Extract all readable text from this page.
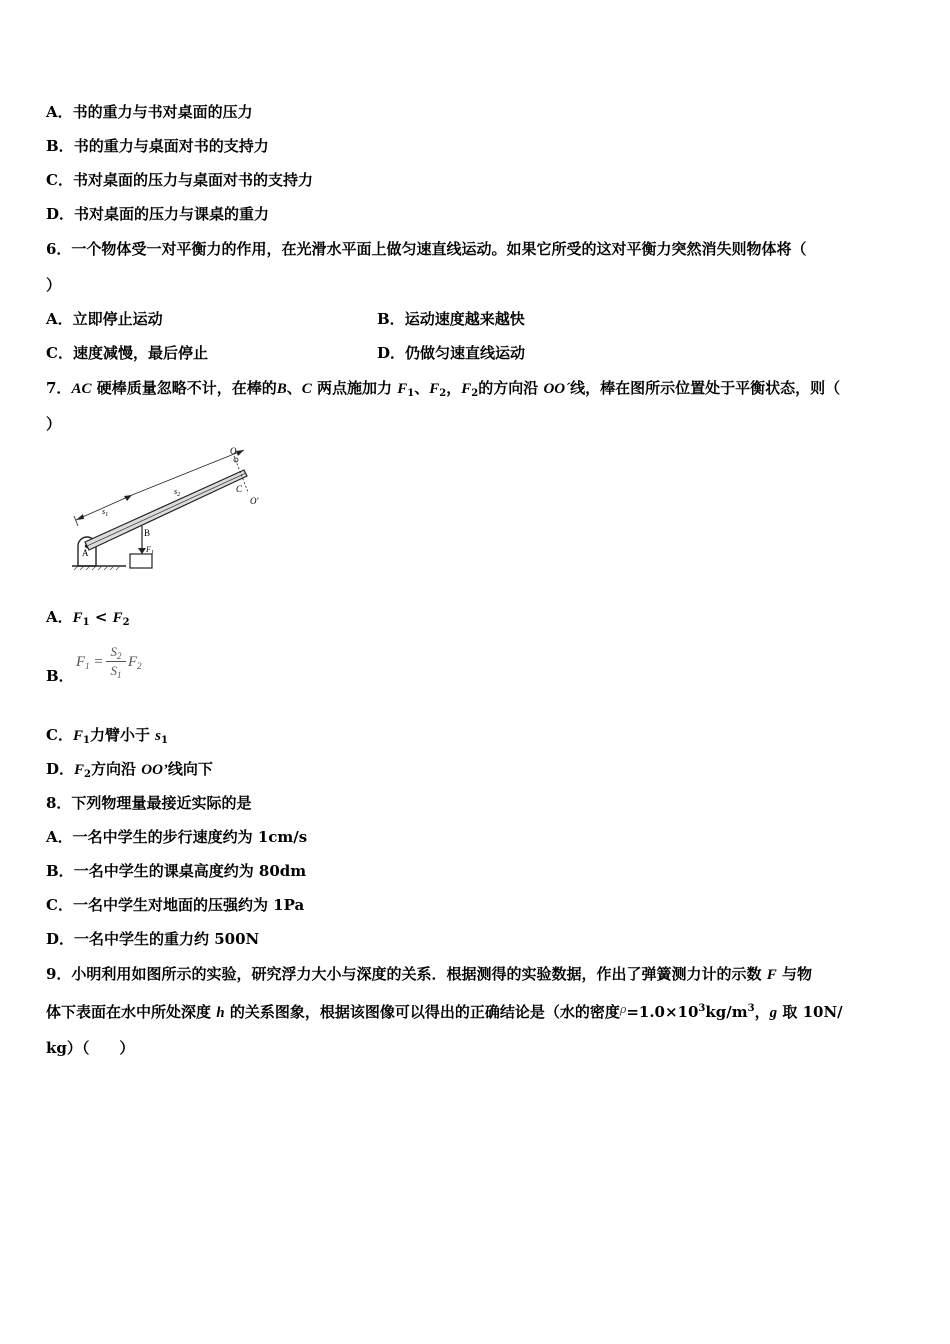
A．书的重力与书对桌面的压力
B．书的重力与桌面对书的支持力
C．书对桌面的压力与桌面对书的支持力
D．书对桌面的压力与课桌的重力
6．一个物体受一对平衡力的作用，在光滑水平面上做匀速直线运动。如果它所受的这对平衡力突然消失则物体将（
）
A．立即停止运动	B．运动速度越来越快
C．速度减慢，最后停止	D．仍做匀速直线运动
7．AC 硬棒质量忽略不计，在棒的B、C 两点施加力 $F_1$、$F_2$，$F_2$的方向沿 OO´线，棒在图所示位置处于平衡状态，则（
）
O
C
O'
A
B
$F_1$
$s_1$
$s_2$
A．$F_1 < F_2$
B．
$F_1$ =
$S_2$
$S_1$
$F_2$
C．$F_1$力臂小于 $s_1$
D．$F_2$方向沿 OO’线向下
8．下列物理量最接近实际的是
A．一名中学生的步行速度约为 1cm/s
B．一名中学生的课桌高度约为 80dm
C．一名中学生对地面的压强约为 1Pa
D．一名中学生的重力约 500N
9．小明利用如图所示的实验，研究浮力大小与深度的关系．根据测得的实验数据，作出了弹簧测力计的示数 F 与物
体下表面在水中所处深度 h 的关系图象，根据该图像可以得出的正确结论是（水的密度$^\rho=1.0\times 10^3kg/m^3$，g 取 10N/
kg）（　　）
